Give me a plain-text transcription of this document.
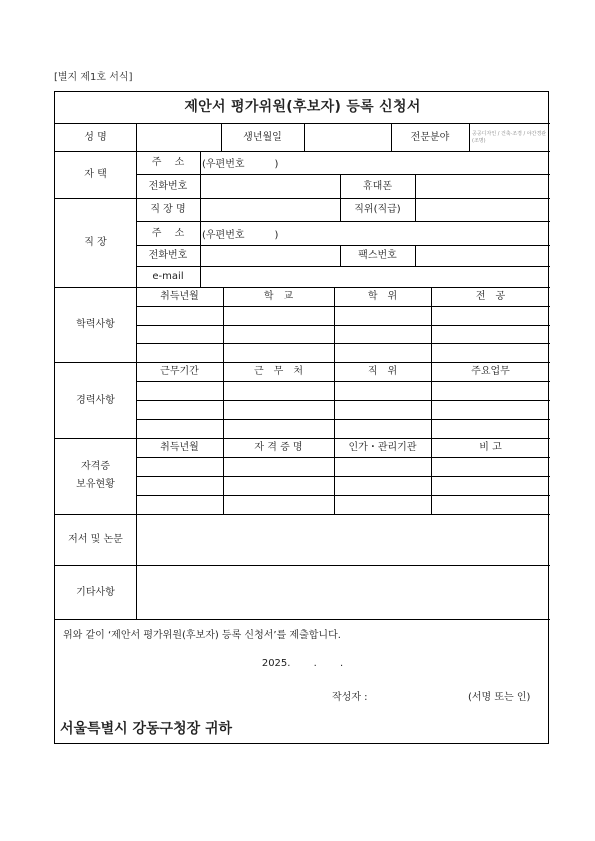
[별지 제1호 서식]
제안서 평가위원(후보자) 등록 신청서
성 명	생년월일	전문분야	공공디자인 / 건축·조경 / 야간경관(조명)
자 택
주　 소	(우편번호　　　)
전화번호	휴대폰
직 장
직 장 명	직위(직급)
주　 소	(우편번호　　　)
전화번호	팩스번호
e-mail
학력사항
취득년월	학　교	학　위	전　공
경력사항
근무기간	근　무　처	직　위	주요업무
자격증
보유현황
취득년월	자 격 증 명	인가・관리기관	비 고
저서 및 논문
기타사항
위와 같이 ‘제안서 평가위원(후보자) 등록 신청서’를 제출합니다.
2025.　　 .　　 .
작성자 :	(서명 또는 인)
서울특별시 강동구청장 귀하
